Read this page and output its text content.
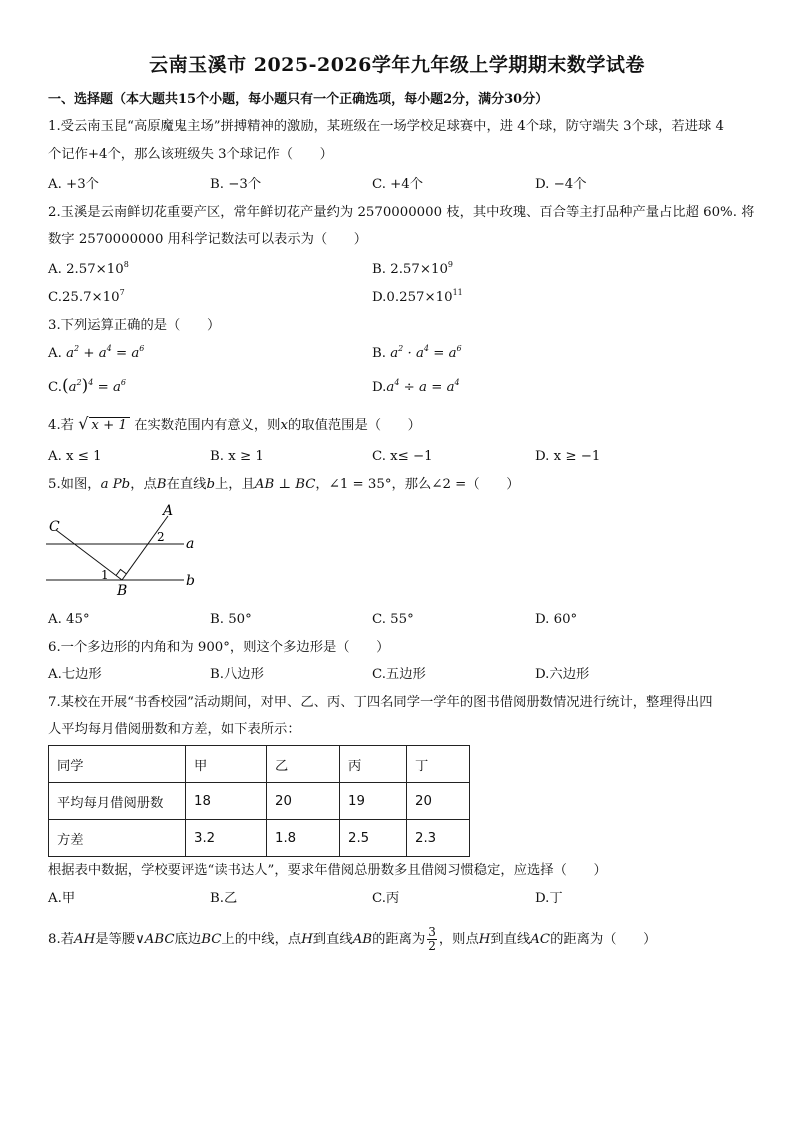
云南玉溪市 2025-2026学年九年级上学期期末数学试卷
一、选择题（本大题共15个小题，每小题只有一个正确选项，每小题2分，满分30分）
1.受云南玉昆“高原魔鬼主场”拼搏精神的激励，某班级在一场学校足球赛中，进 4个球，防守端失 3个球，若进球 4
个记作+4个，那么该班级失 3个球记作（　　）
A. +3个	B. −3个	C. +4个	D. −4个
2.玉溪是云南鲜切花重要产区，常年鲜切花产量约为 2570000000 枝，其中玫瑰、百合等主打品种产量占比超 60%. 将
数字 2570000000 用科学记数法可以表示为（　　）
A. $2.57\times 10^8$	B. $2.57\times 10^9$
$C.25.7\times 10^7$	$D.0.257\times 10^{11}$
3.下列运算正确的是（　　）
A. $a^2 + a^4 = a^6$	B. $a^2 \cdot a^4 = a^6$
$C.(a^2)^4 = a^6$	$D.a^4 \div a = a^4$
4.若 √ x + 1 在实数范围内有意义，则x的取值范围是（　　）
A. x ≤ 1	B. x ≥ 1	C. x≤ −1	D. x ≥ −1
5.如图，a Pb，点B在直线b上，且AB ⊥ BC，∠1 = 35°，那么∠2 =（　　）
C
A
B
a
b
1
2
A. 45°	B. 50°	C. 55°	D. 60°
6.一个多边形的内角和为 900°，则这个多边形是（　　）
A.七边形	B.八边形	C.五边形	D.六边形
7.某校在开展“书香校园”活动期间，对甲、乙、丙、丁四名同学一学年的图书借阅册数情况进行统计，整理得出四
人平均每月借阅册数和方差，如下表所示：
同学	甲	乙	丙	丁
平均每月借阅册数	18	20	19	20
方差	3.2	1.8	2.5	2.3
根据表中数据，学校要评选“读书达人”，要求年借阅总册数多且借阅习惯稳定，应选择（　　）
A.甲	B.乙	C.丙	D.丁
8.若AH是等腰∨ABC底边BC上的中线，点H到直线AB的距离为 $\frac{3}{2}$ ，则点H到直线AC的距离为（　　）
